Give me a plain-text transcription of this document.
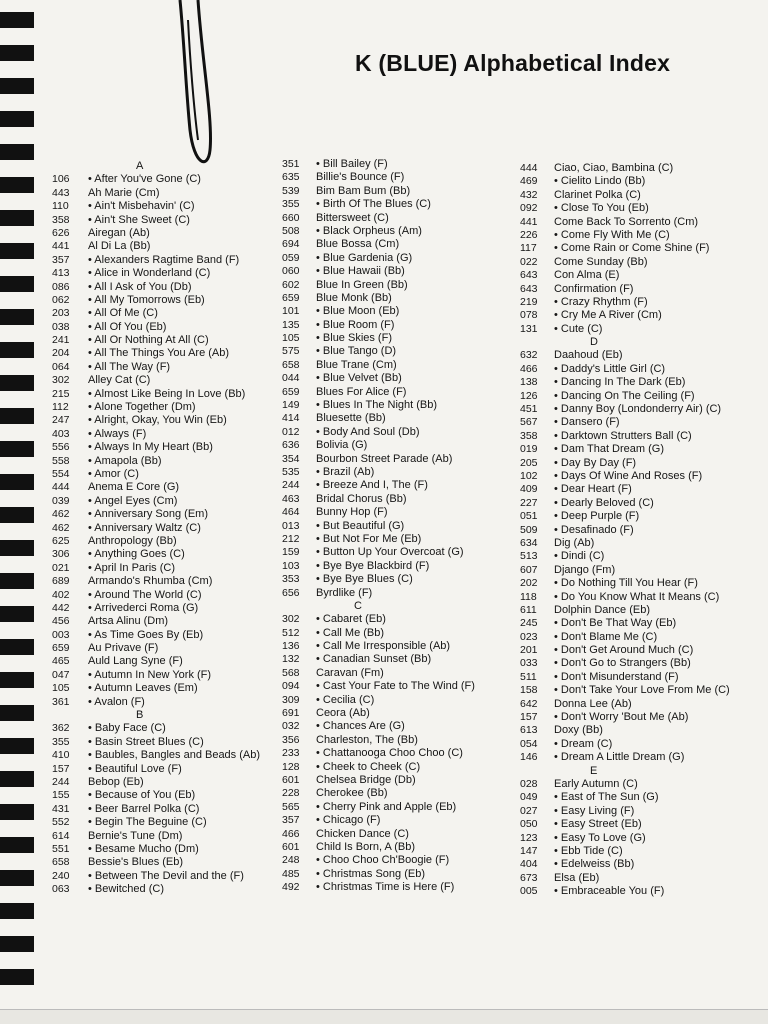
K (BLUE) Alphabetical Index
A
106	• After You've Gone (C)
443	Ah Marie (Cm)
110	• Ain't Misbehavin' (C)
358	• Ain't She Sweet (C)
626	Airegan (Ab)
441	Al Di La (Bb)
357	• Alexanders Ragtime Band (F)
413	• Alice in Wonderland (C)
086	• All I Ask of You (Db)
062	• All My Tomorrows (Eb)
203	• All Of Me (C)
038	• All Of You (Eb)
241	• All Or Nothing At All (C)
204	• All The Things You Are (Ab)
064	• All The Way (F)
302	Alley Cat (C)
215	• Almost Like Being In Love (Bb)
112	• Alone Together (Dm)
247	• Alright, Okay, You Win (Eb)
403	• Always (F)
556	• Always In My Heart (Bb)
558	• Amapola (Bb)
554	• Amor (C)
444	Anema E Core (G)
039	• Angel Eyes (Cm)
462	• Anniversary Song (Em)
462	• Anniversary Waltz (C)
625	Anthropology (Bb)
306	• Anything Goes (C)
021	• April In Paris (C)
689	Armando's Rhumba (Cm)
402	• Around The World (C)
442	• Arrivederci Roma (G)
456	Artsa Alinu (Dm)
003	• As Time Goes By (Eb)
659	Au Privave (F)
465	Auld Lang Syne (F)
047	• Autumn In New York (F)
105	• Autumn Leaves (Em)
361	• Avalon (F)
B
362	• Baby Face (C)
355	• Basin Street Blues (C)
410	• Baubles, Bangles and Beads (Ab)
157	• Beautiful Love (F)
244	Bebop (Eb)
155	• Because of You (Eb)
431	• Beer Barrel Polka (C)
552	• Begin The Beguine (C)
614	Bernie's Tune (Dm)
551	• Besame Mucho (Dm)
658	Bessie's Blues (Eb)
240	• Between The Devil and the (F)
063	• Bewitched (C)
351	• Bill Bailey (F)
635	Billie's Bounce (F)
539	Bim Bam Bum (Bb)
355	• Birth Of The Blues (C)
660	Bittersweet (C)
508	• Black Orpheus (Am)
694	Blue Bossa (Cm)
059	• Blue Gardenia (G)
060	• Blue Hawaii (Bb)
602	Blue In Green (Bb)
659	Blue Monk (Bb)
101	• Blue Moon (Eb)
135	• Blue Room (F)
105	• Blue Skies (F)
575	• Blue Tango (D)
658	Blue Trane (Cm)
044	• Blue Velvet (Bb)
659	Blues For Alice (F)
149	• Blues In The Night (Bb)
414	Bluesette (Bb)
012	• Body And Soul (Db)
636	Bolivia (G)
354	Bourbon Street Parade (Ab)
535	• Brazil (Ab)
244	• Breeze And I, The (F)
463	Bridal Chorus (Bb)
464	Bunny Hop (F)
013	• But Beautiful (G)
212	• But Not For Me (Eb)
159	• Button Up Your Overcoat (G)
103	• Bye Bye Blackbird (F)
353	• Bye Bye Blues (C)
656	Byrdlike (F)
C
302	• Cabaret (Eb)
512	• Call Me (Bb)
136	• Call Me Irresponsible (Ab)
132	• Canadian Sunset (Bb)
568	Caravan (Fm)
094	• Cast Your Fate to The Wind (F)
309	• Cecilia (C)
691	Ceora (Ab)
032	• Chances Are (G)
356	Charleston, The (Bb)
233	• Chattanooga Choo Choo (C)
128	• Cheek to Cheek (C)
601	Chelsea Bridge (Db)
228	Cherokee (Bb)
565	• Cherry Pink and Apple (Eb)
357	• Chicago (F)
466	Chicken Dance (C)
601	Child Is Born, A (Bb)
248	• Choo Choo Ch'Boogie (F)
485	• Christmas Song (Eb)
492	• Christmas Time is Here (F)
444	Ciao, Ciao, Bambina (C)
469	• Cielito Lindo (Bb)
432	Clarinet Polka (C)
092	• Close To You (Eb)
441	Come Back To Sorrento (Cm)
226	• Come Fly With Me (C)
117	• Come Rain or Come Shine (F)
022	Come Sunday (Bb)
643	Con Alma (E)
643	Confirmation (F)
219	• Crazy Rhythm (F)
078	• Cry Me A River (Cm)
131	• Cute (C)
D
632	Daahoud (Eb)
466	• Daddy's Little Girl (C)
138	• Dancing In The Dark (Eb)
126	• Dancing On The Ceiling (F)
451	• Danny Boy (Londonderry Air) (C)
567	• Dansero (F)
358	• Darktown Strutters Ball (C)
019	• Dam That Dream (G)
205	• Day By Day (F)
102	• Days Of Wine And Roses (F)
409	• Dear Heart (F)
227	• Dearly Beloved (C)
051	• Deep Purple (F)
509	• Desafinado (F)
634	Dig (Ab)
513	• Dindi (C)
607	Django (Fm)
202	• Do Nothing Till You Hear (F)
118	• Do You Know What It Means (C)
611	Dolphin Dance (Eb)
245	• Don't Be That Way (Eb)
023	• Don't Blame Me (C)
201	• Don't Get Around Much (C)
033	• Don't Go to Strangers (Bb)
511	• Don't Misunderstand (F)
158	• Don't Take Your Love From Me (C)
642	Donna Lee (Ab)
157	• Don't Worry 'Bout Me (Ab)
613	Doxy (Bb)
054	• Dream (C)
146	• Dream A Little Dream (G)
E
028	Early Autumn (C)
049	• East of The Sun (G)
027	• Easy Living (F)
050	• Easy Street (Eb)
123	• Easy To Love (G)
147	• Ebb Tide (C)
404	• Edelweiss (Bb)
673	Elsa (Eb)
005	• Embraceable You (F)
